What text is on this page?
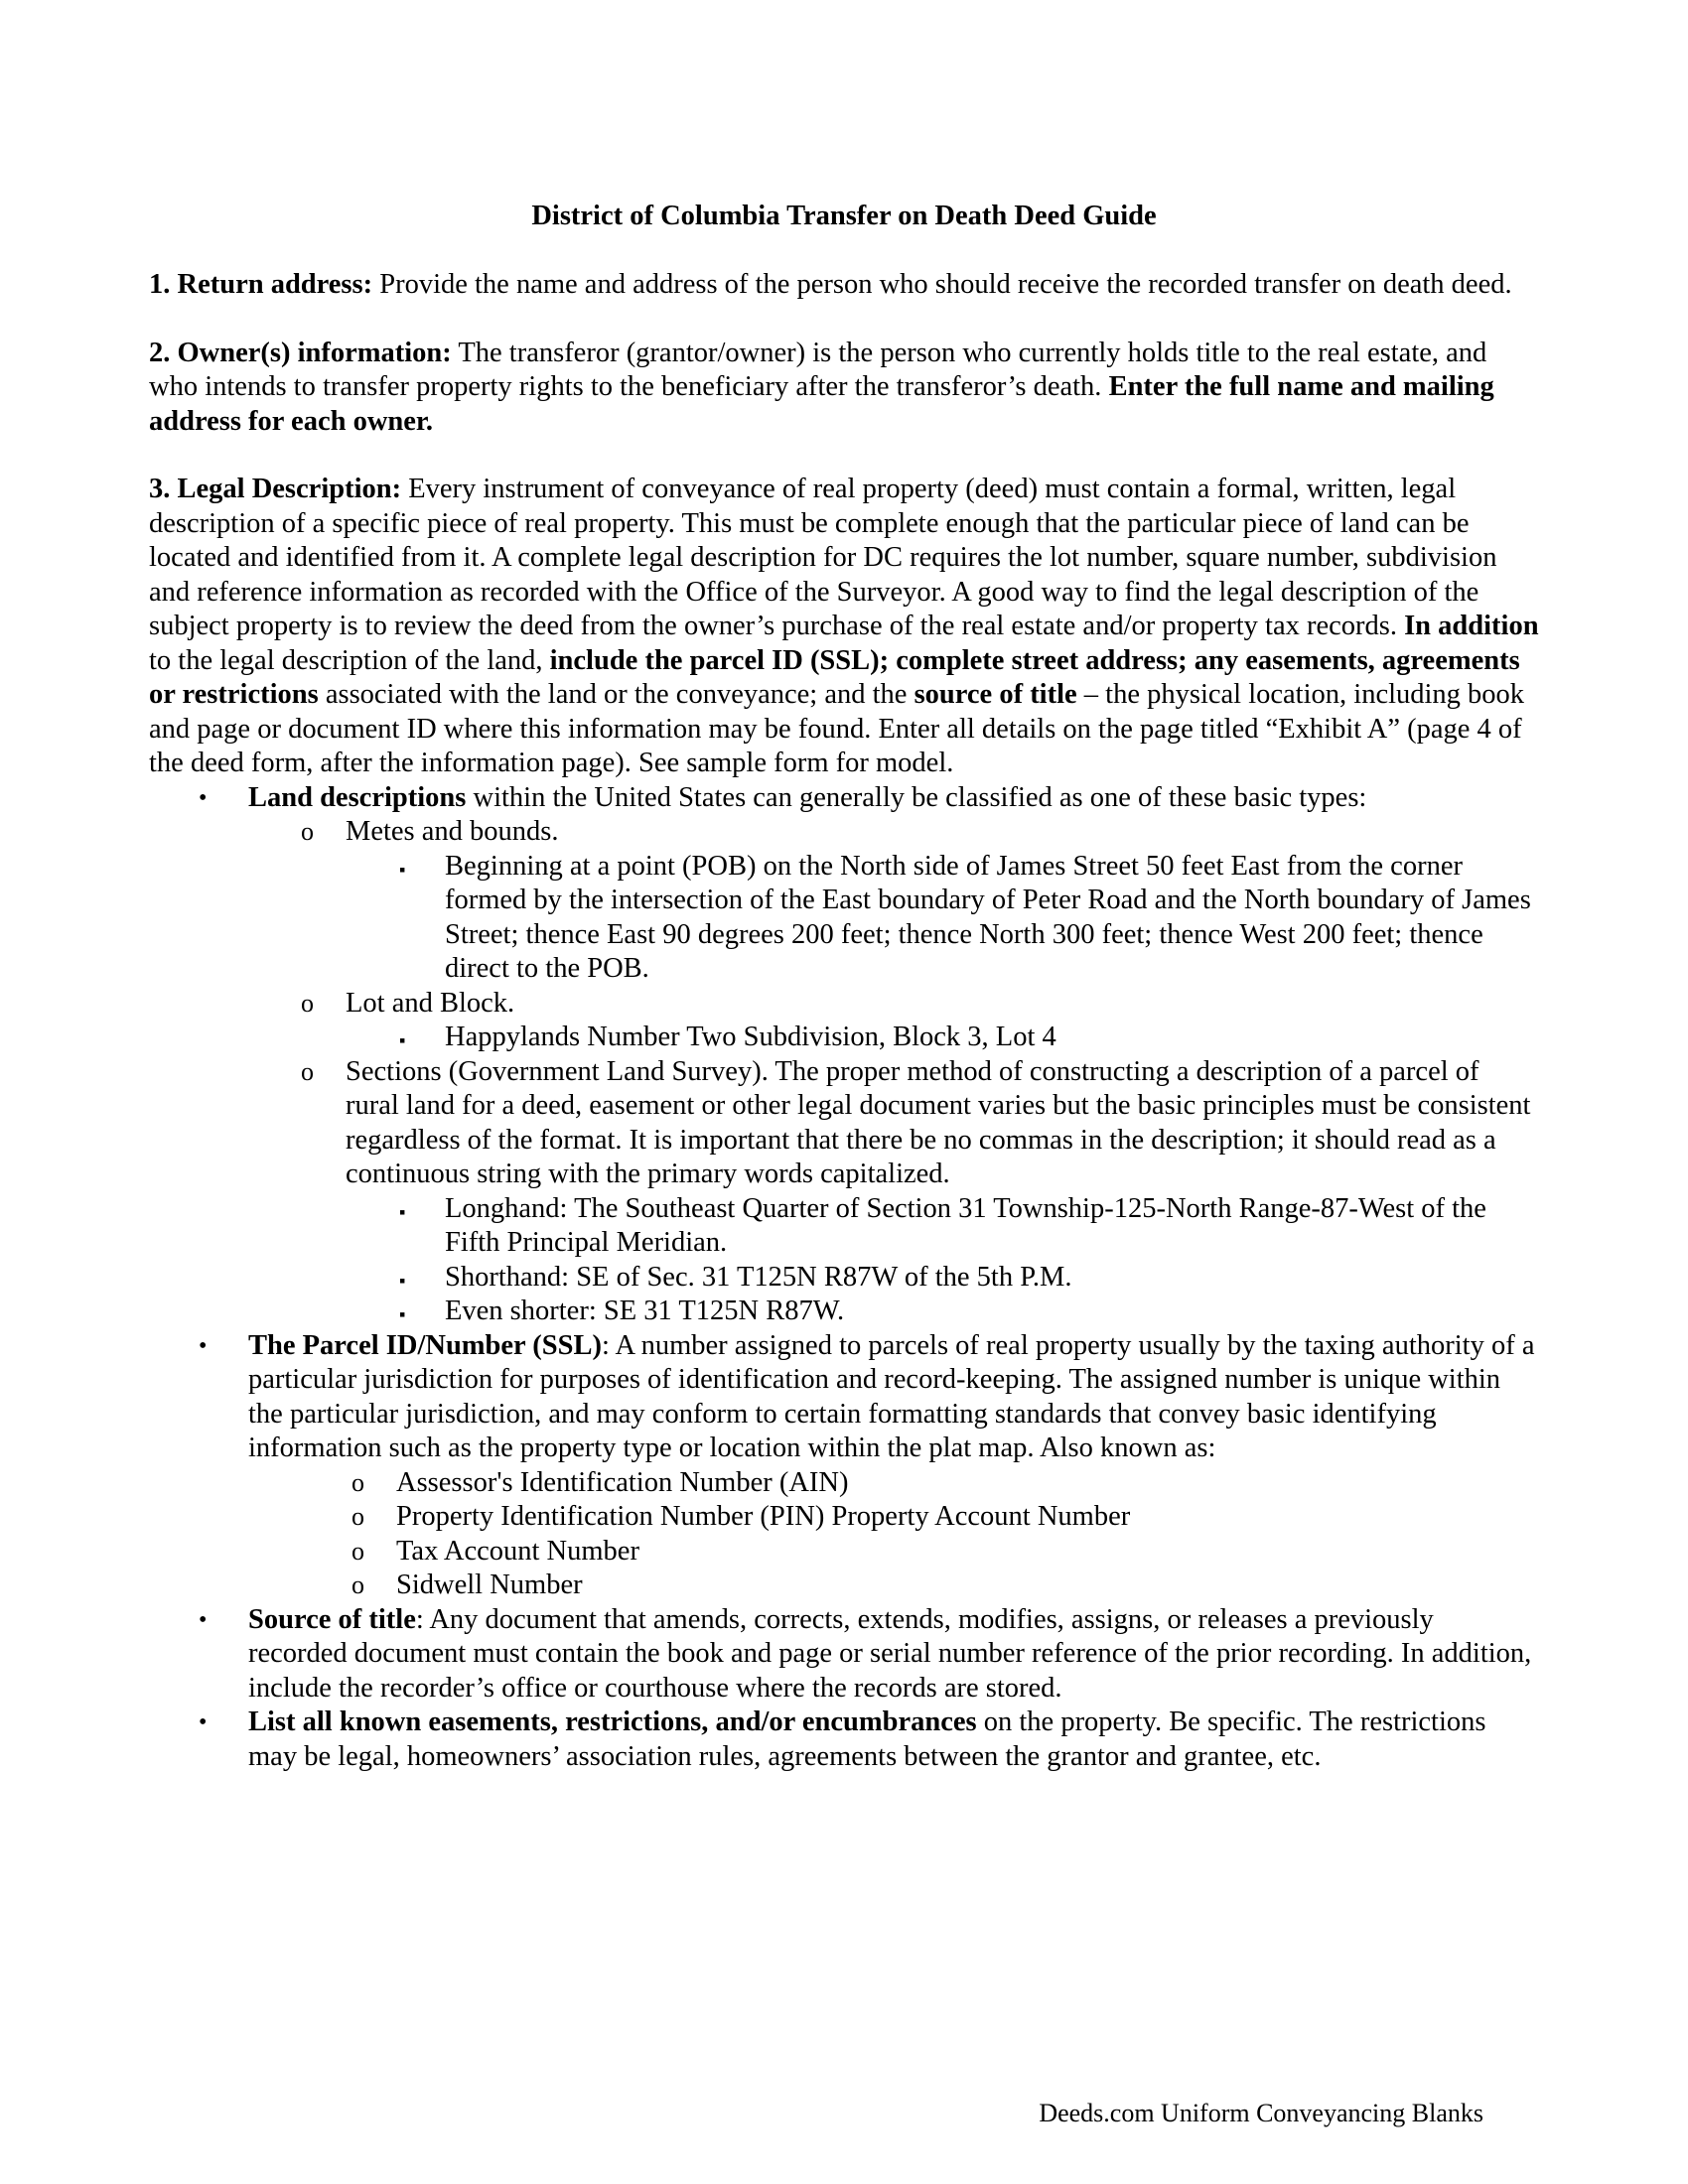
District of Columbia Transfer on Death Deed Guide

1. Return address: Provide the name and address of the person who should receive the recorded transfer on death deed.

2. Owner(s) information: The transferor (grantor/owner) is the person who currently holds title to the real estate, and who intends to transfer property rights to the beneficiary after the transferor’s death. Enter the full name and mailing address for each owner.

3. Legal Description: Every instrument of conveyance of real property (deed) must contain a formal, written, legal description of a specific piece of real property. This must be complete enough that the particular piece of land can be located and identified from it. A complete legal description for DC requires the lot number, square number, subdivision and reference information as recorded with the Office of the Surveyor. A good way to find the legal description of the subject property is to review the deed from the owner’s purchase of the real estate and/or property tax records. In addition to the legal description of the land, include the parcel ID (SSL); complete street address; any easements, agreements or restrictions associated with the land or the conveyance; and the source of title – the physical location, including book and page or document ID where this information may be found. Enter all details on the page titled “Exhibit A” (page 4 of the deed form, after the information page). See sample form for model.

• Land descriptions within the United States can generally be classified as one of these basic types:
o Metes and bounds.
▪ Beginning at a point (POB) on the North side of James Street 50 feet East from the corner formed by the intersection of the East boundary of Peter Road and the North boundary of James Street; thence East 90 degrees 200 feet; thence North 300 feet; thence West 200 feet; thence direct to the POB.
o Lot and Block.
▪ Happylands Number Two Subdivision, Block 3, Lot 4
o Sections (Government Land Survey). The proper method of constructing a description of a parcel of rural land for a deed, easement or other legal document varies but the basic principles must be consistent regardless of the format. It is important that there be no commas in the description; it should read as a continuous string with the primary words capitalized.
▪ Longhand: The Southeast Quarter of Section 31 Township-125-North Range-87-West of the Fifth Principal Meridian.
▪ Shorthand: SE of Sec. 31 T125N R87W of the 5th P.M.
▪ Even shorter: SE 31 T125N R87W.
• The Parcel ID/Number (SSL): A number assigned to parcels of real property usually by the taxing authority of a particular jurisdiction for purposes of identification and record-keeping. The assigned number is unique within the particular jurisdiction, and may conform to certain formatting standards that convey basic identifying information such as the property type or location within the plat map. Also known as:
o Assessor's Identification Number (AIN)
o Property Identification Number (PIN) Property Account Number
o Tax Account Number
o Sidwell Number
• Source of title: Any document that amends, corrects, extends, modifies, assigns, or releases a previously recorded document must contain the book and page or serial number reference of the prior recording. In addition, include the recorder’s office or courthouse where the records are stored.
• List all known easements, restrictions, and/or encumbrances on the property. Be specific. The restrictions may be legal, homeowners’ association rules, agreements between the grantor and grantee, etc.
Deeds.com Uniform Conveyancing Blanks
